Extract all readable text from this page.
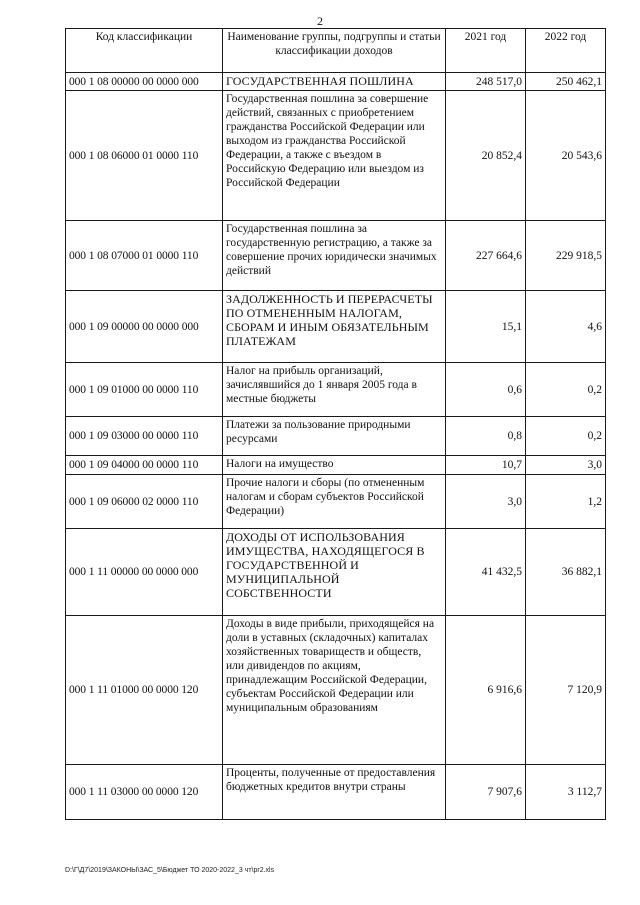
2
Код классификации	Наименование группы, подгруппы и статьи классификации доходов	2021 год	2022 год
000 1 08 00000 00 0000 000	ГОСУДАРСТВЕННАЯ ПОШЛИНА	248 517,0	250 462,1
000 1 08 06000 01 0000 110	Государственная пошлина за совершение действий, связанных с приобретением гражданства Российской Федерации или выходом из гражданства Российской Федерации, а также с въездом в Российскую Федерацию или выездом из Российской Федерации	20 852,4	20 543,6
000 1 08 07000 01 0000 110	Государственная пошлина за государственную регистрацию, а также за совершение прочих юридически значимых действий	227 664,6	229 918,5
000 1 09 00000 00 0000 000	ЗАДОЛЖЕННОСТЬ И ПЕРЕРАСЧЕТЫ ПО ОТМЕНЕННЫМ НАЛОГАМ, СБОРАМ И ИНЫМ ОБЯЗАТЕЛЬНЫМ ПЛАТЕЖАМ	15,1	4,6
000 1 09 01000 00 0000 110	Налог на прибыль организаций, зачислявшийся до 1 января 2005 года в местные бюджеты	0,6	0,2
000 1 09 03000 00 0000 110	Платежи за пользование природными ресурсами	0,8	0,2
000 1 09 04000 00 0000 110	Налоги на имущество	10,7	3,0
000 1 09 06000 02 0000 110	Прочие налоги и сборы (по отмененным налогам и сборам субъектов Российской Федерации)	3,0	1,2
000 1 11 00000 00 0000 000	ДОХОДЫ ОТ ИСПОЛЬЗОВАНИЯ ИМУЩЕСТВА, НАХОДЯЩЕГОСЯ В ГОСУДАРСТВЕННОЙ И МУНИЦИПАЛЬНОЙ СОБСТВЕННОСТИ	41 432,5	36 882,1
000 1 11 01000 00 0000 120	Доходы в виде прибыли, приходящейся на доли в уставных (складочных) капиталах хозяйственных товариществ и обществ, или дивидендов по акциям, принадлежащим Российской Федерации, субъектам Российской Федерации или муниципальным образованиям	6 916,6	7 120,9
000 1 11 03000 00 0000 120	Проценты, полученные от предоставления бюджетных кредитов внутри страны	7 907,6	3 112,7
D:\Г\Д7\2019\ЗАКОНЫ\ЗАС_5\Бюджет ТО 2020-2022_3 чт\pr2.xls
